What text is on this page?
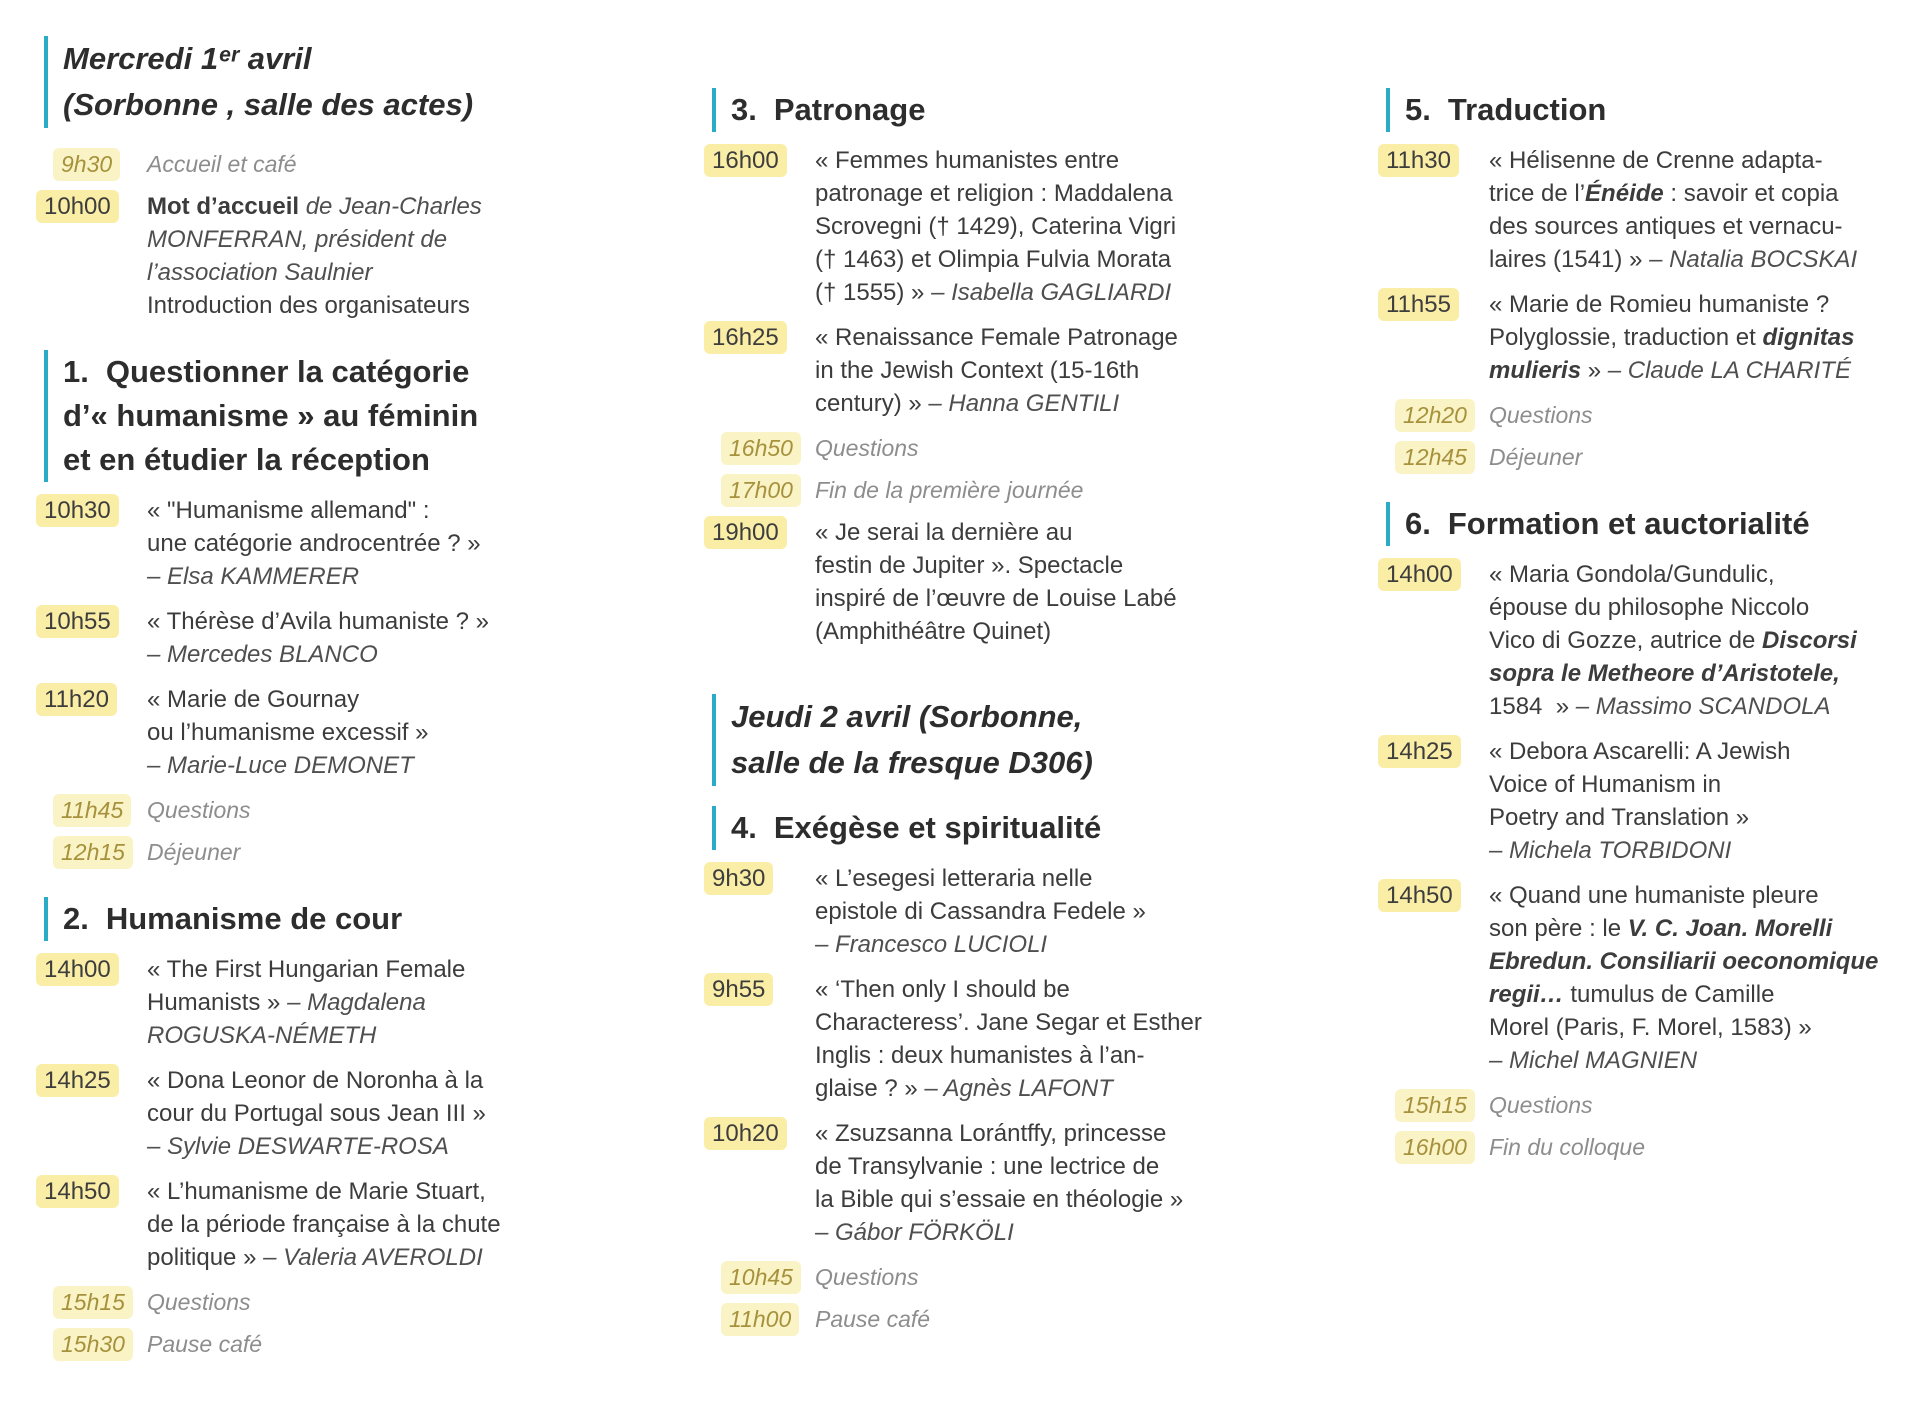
Mercredi 1ᵉʳ avril
(Sorbonne , salle des actes)
9h30	Accueil et café
10h00	Mot d’accueil de Jean-Charles
MONFERRAN, président de
l’association Saulnier
Introduction des organisateurs
1. Questionner la catégorie
d’« humanisme » au féminin
et en étudier la réception
10h30	« "Humanisme allemand" :
une catégorie androcentrée ? »
– Elsa KAMMERER
10h55	« Thérèse d’Avila humaniste ? »
– Mercedes BLANCO
11h20	« Marie de Gournay
ou l’humanisme excessif »
– Marie-Luce DEMONET
11h45	Questions
12h15 Déjeuner
2. Humanisme de cour
14h00	« The First Hungarian Female
Humanists » – Magdalena
ROGUSKA-NÉMETH
14h25	« Dona Leonor de Noronha à la
cour du Portugal sous Jean III »
– Sylvie DESWARTE-ROSA
14h50	« L’humanisme de Marie Stuart,
de la période française à la chute
politique » – Valeria AVEROLDI
15h15 Questions
15h30 Pause café
3. Patronage
16h00	« Femmes humanistes entre
patronage et religion : Maddalena
Scrovegni († 1429), Caterina Vigri
(† 1463) et Olimpia Fulvia Morata
(† 1555) » – Isabella GAGLIARDI
16h25	« Renaissance Female Patronage
in the Jewish Context (15-16th
century) » – Hanna GENTILI
16h50 Questions
17h00 Fin de la première journée
19h00	« Je serai la dernière au
festin de Jupiter ». Spectacle
inspiré de l’œuvre de Louise Labé
(Amphithéâtre Quinet)
Jeudi 2 avril (Sorbonne,
salle de la fresque D306)
4. Exégèse et spiritualité
9h30	« L’esegesi letteraria nelle
epistole di Cassandra Fedele »
– Francesco LUCIOLI
9h55	« ‘Then only I should be
Characteress’. Jane Segar et Esther
Inglis : deux humanistes à l’an-
glaise ? » – Agnès LAFONT
10h20	« Zsuzsanna Lorántffy, princesse
de Transylvanie : une lectrice de
la Bible qui s’essaie en théologie »
– Gábor FÖRKÖLI
10h45 Questions
11h00	Pause café
5. Traduction
11h30	« Hélisenne de Crenne adapta-
trice de l’Énéide : savoir et copia
des sources antiques et vernacu-
laires (1541) » – Natalia BOCSKAI
11h55	« Marie de Romieu humaniste ?
Polyglossie, traduction et dignitas
mulieris » – Claude LA CHARITÉ
12h20 Questions
12h45 Déjeuner
6. Formation et auctorialité
14h00	« Maria Gondola/Gundulic,
épouse du philosophe Niccolo
Vico di Gozze, autrice de Discorsi
sopra le Metheore d’Aristotele,
1584  » – Massimo SCANDOLA
14h25	« Debora Ascarelli: A Jewish
Voice of Humanism in
Poetry and Translation »
– Michela TORBIDONI
14h50	« Quand une humaniste pleure
son père : le V. C. Joan. Morelli
Ebredun. Consiliarii oeconomique
regii… tumulus de Camille
Morel (Paris, F. Morel, 1583) »
– Michel MAGNIEN
15h15 Questions
16h00 Fin du colloque
